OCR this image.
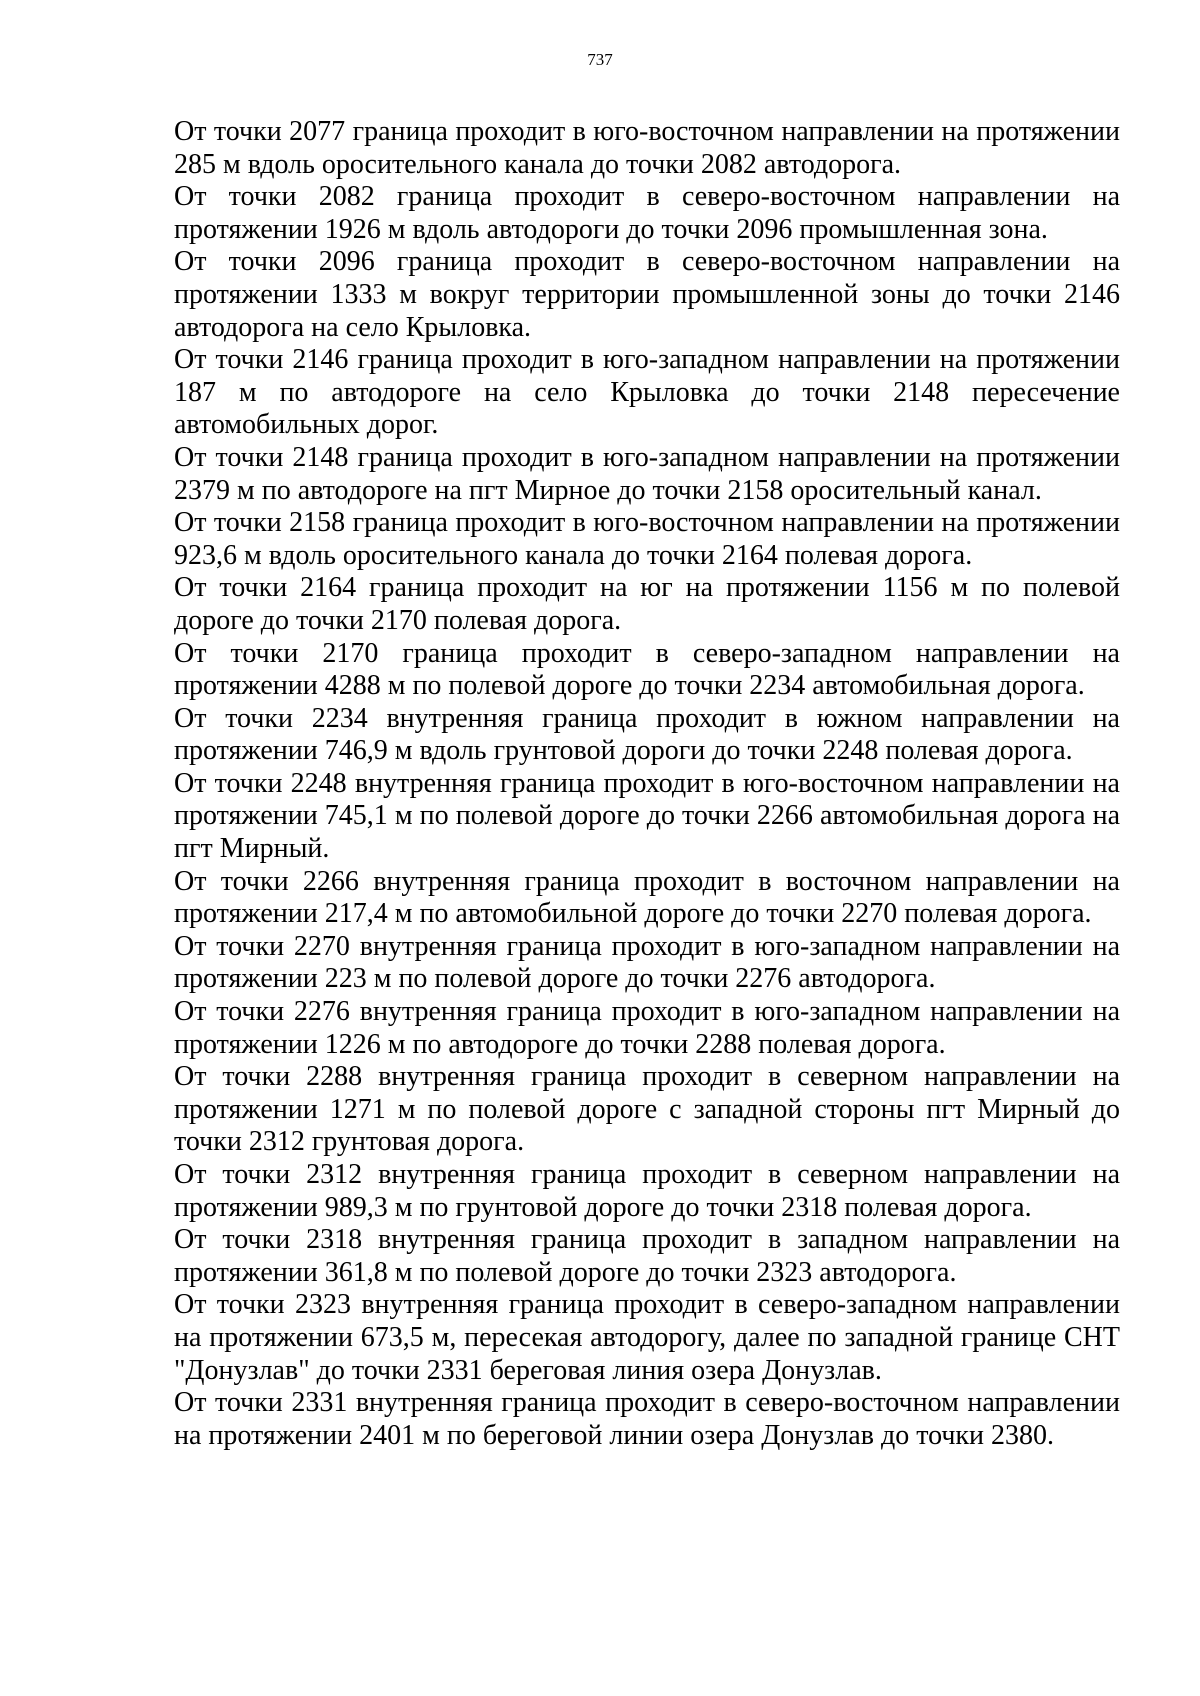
737

От точки 2077 граница проходит в юго-восточном направлении на протяжении 285 м вдоль оросительного канала до точки 2082 автодорога.

От точки 2082 граница проходит в северо-восточном направлении на протяжении 1926 м вдоль автодороги до точки 2096 промышленная зона.

От точки 2096 граница проходит в северо-восточном направлении на протяжении 1333 м вокруг территории промышленной зоны до точки 2146 автодорога на село Крыловка.

От точки 2146 граница проходит в юго-западном направлении на протяжении 187 м по автодороге на село Крыловка до точки 2148 пересечение автомобильных дорог.

От точки 2148 граница проходит в юго-западном направлении на протяжении 2379 м по автодороге на пгт Мирное до точки 2158 оросительный канал.

От точки 2158 граница проходит в юго-восточном направлении на протяжении 923,6 м вдоль оросительного канала до точки 2164 полевая дорога.

От точки 2164 граница проходит на юг на протяжении 1156 м по полевой дороге до точки 2170 полевая дорога.

От точки 2170 граница проходит в северо-западном направлении на протяжении 4288 м по полевой дороге до точки 2234 автомобильная дорога.

От точки 2234 внутренняя граница проходит в южном направлении на протяжении 746,9 м вдоль грунтовой дороги до точки 2248 полевая дорога.

От точки 2248 внутренняя граница проходит в юго-восточном направлении на протяжении 745,1 м по полевой дороге до точки 2266 автомобильная дорога на пгт Мирный.

От точки 2266 внутренняя граница проходит в восточном направлении на протяжении 217,4 м по автомобильной дороге до точки 2270 полевая дорога.

От точки 2270 внутренняя граница проходит в юго-западном направлении на протяжении 223 м по полевой дороге до точки 2276 автодорога.

От точки 2276 внутренняя граница проходит в юго-западном направлении на протяжении 1226 м по автодороге до точки 2288 полевая дорога.

От точки 2288 внутренняя граница проходит в северном направлении на протяжении 1271 м по полевой дороге с западной стороны пгт Мирный до точки 2312 грунтовая дорога.

От точки 2312 внутренняя граница проходит в северном направлении на протяжении 989,3 м по грунтовой дороге до точки 2318 полевая дорога.

От точки 2318 внутренняя граница проходит в западном направлении на протяжении 361,8 м по полевой дороге до точки 2323 автодорога.

От точки 2323 внутренняя граница проходит в северо-западном направлении на протяжении 673,5 м, пересекая автодорогу, далее по западной границе СНТ "Донузлав" до точки 2331 береговая линия озера Донузлав.

От точки 2331 внутренняя граница проходит в северо-восточном направлении на протяжении 2401 м по береговой линии озера Донузлав до точки 2380.
